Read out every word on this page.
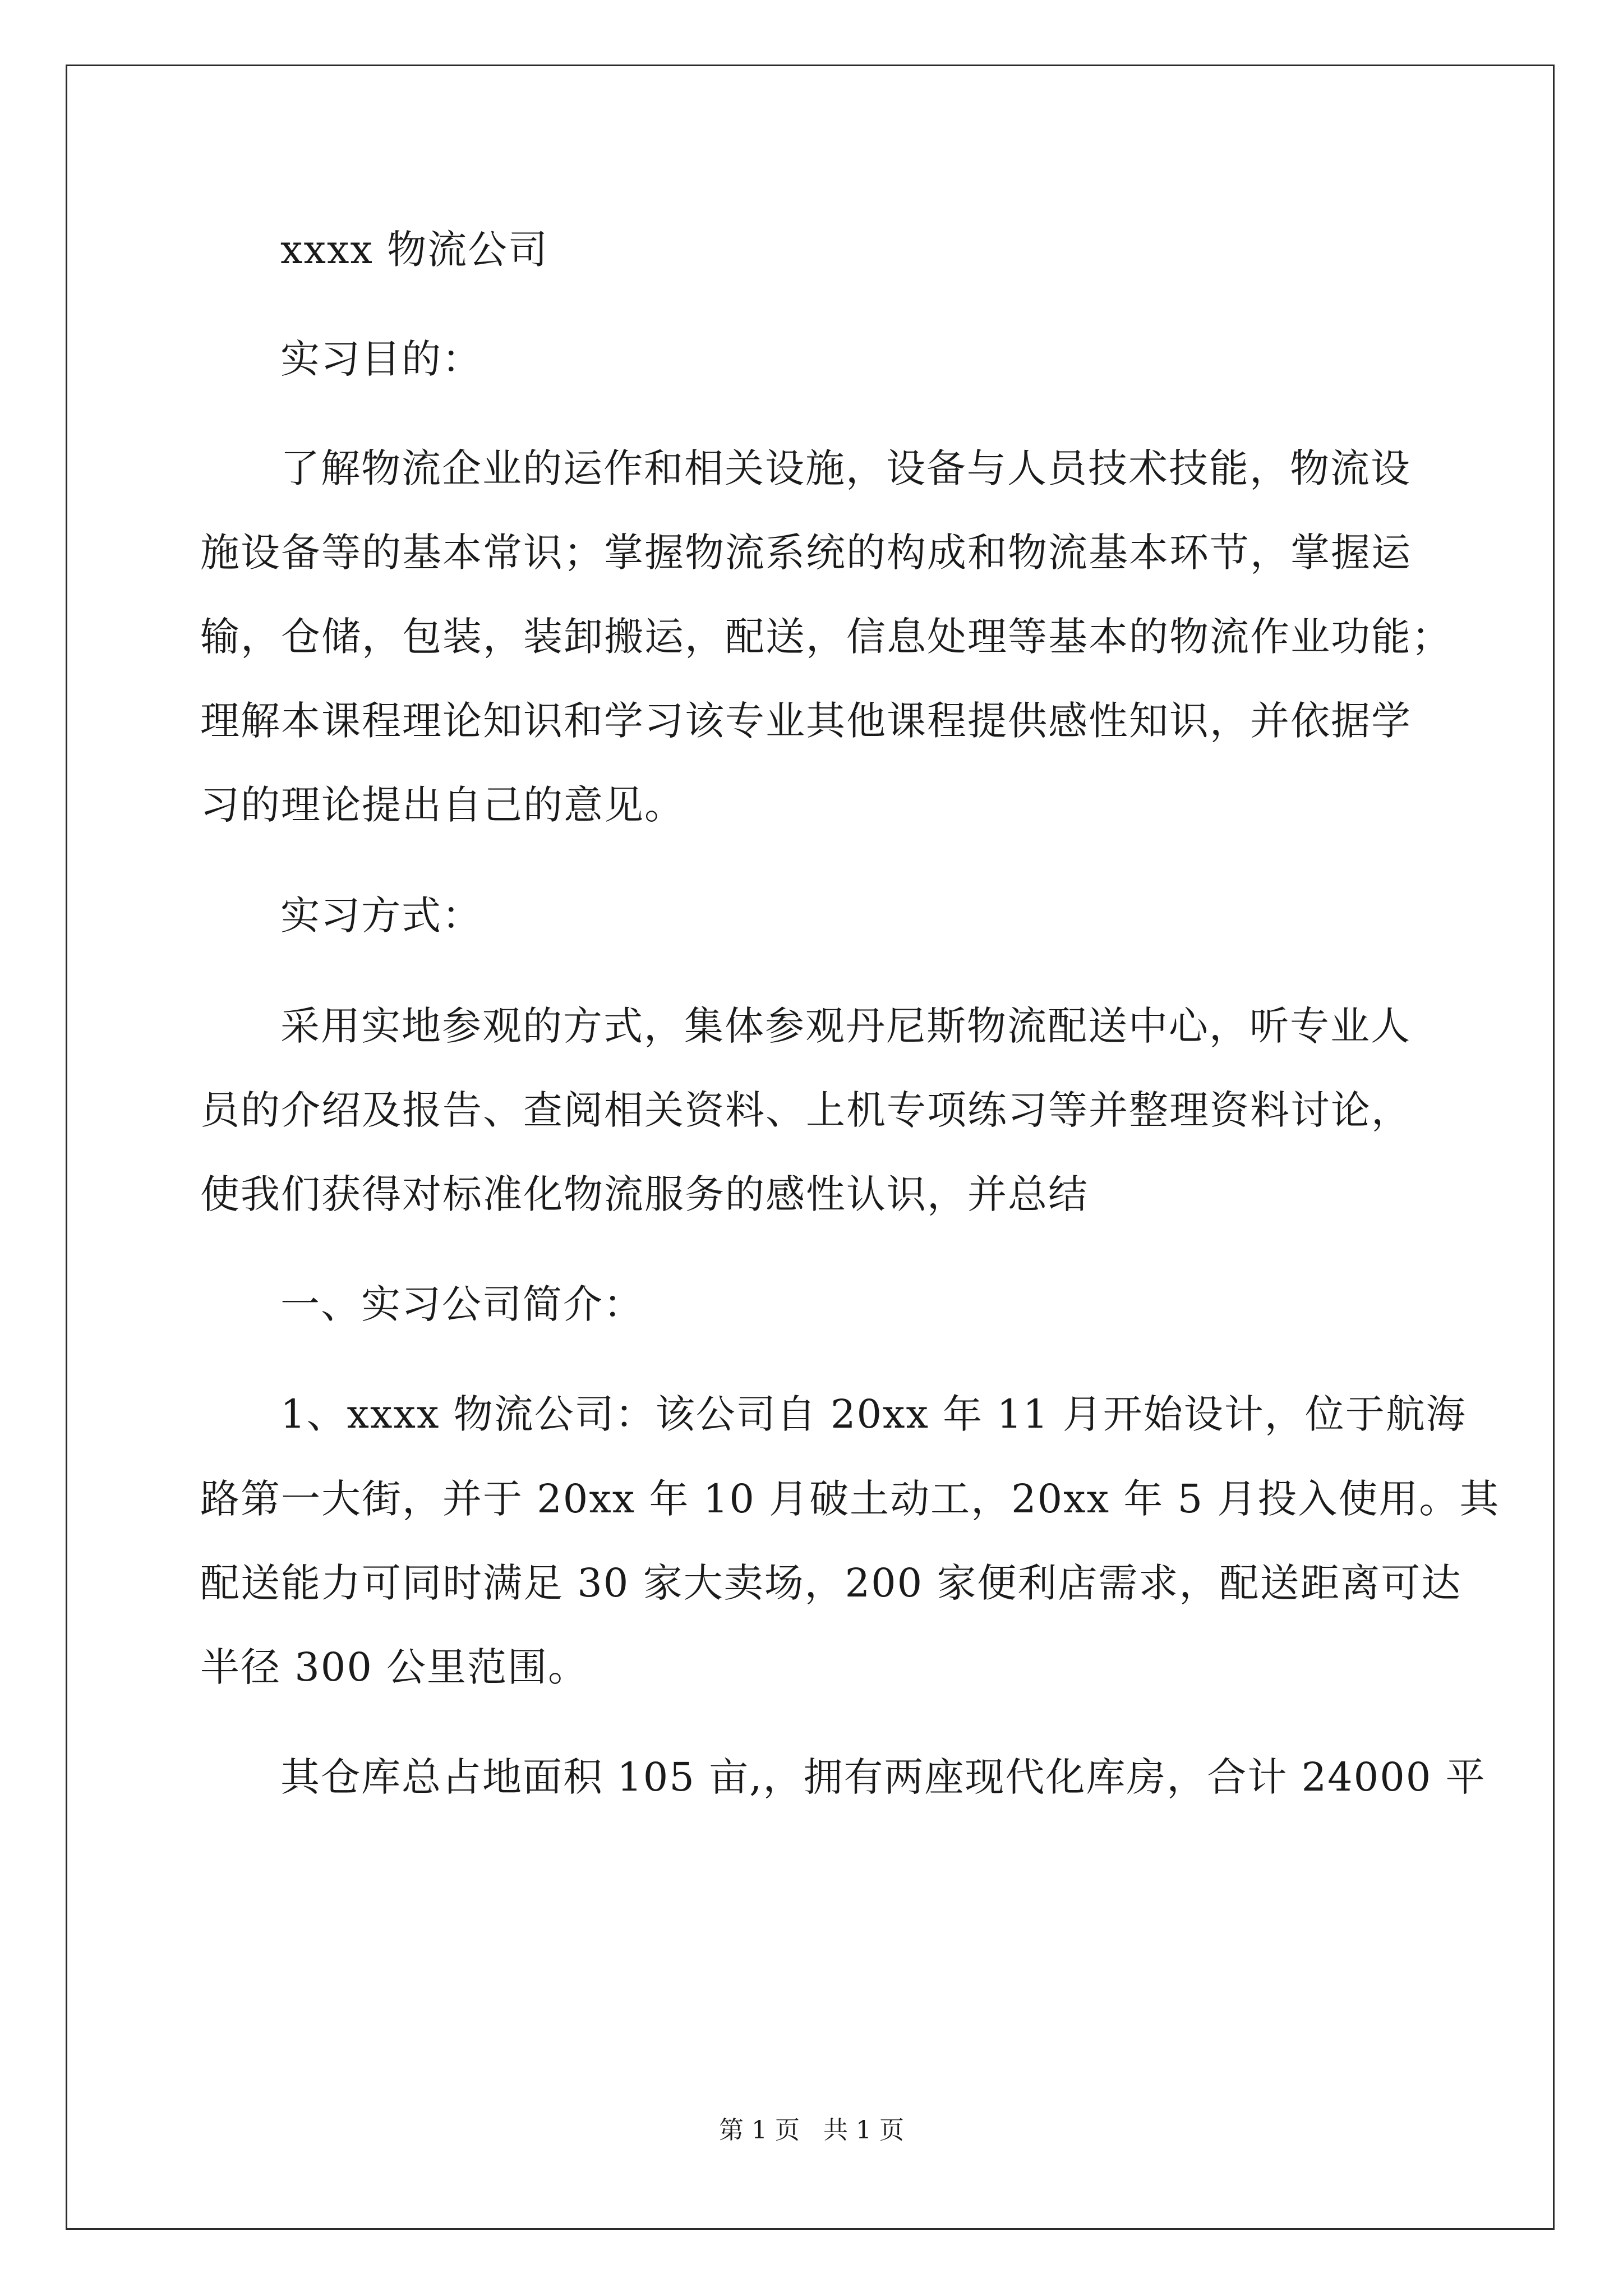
xxxx 物流公司
实习目的：
了解物流企业的运作和相关设施，设备与人员技术技能，物流设
施设备等的基本常识；掌握物流系统的构成和物流基本环节，掌握运
输，仓储，包装，装卸搬运，配送，信息处理等基本的物流作业功能；
理解本课程理论知识和学习该专业其他课程提供感性知识，并依据学
习的理论提出自己的意见。
实习方式：
采用实地参观的方式，集体参观丹尼斯物流配送中心，听专业人
员的介绍及报告、查阅相关资料、上机专项练习等并整理资料讨论，
使我们获得对标准化物流服务的感性认识，并总结
一、实习公司简介：
1、xxxx 物流公司：该公司自 20xx 年 11 月开始设计，位于航海
路第一大街，并于 20xx 年 10 月破土动工，20xx 年 5 月投入使用。其
配送能力可同时满足 30 家大卖场，200 家便利店需求，配送距离可达
半径 300 公里范围。
其仓库总占地面积 105 亩,，拥有两座现代化库房，合计 24000 平
第 1 页   共 1 页
